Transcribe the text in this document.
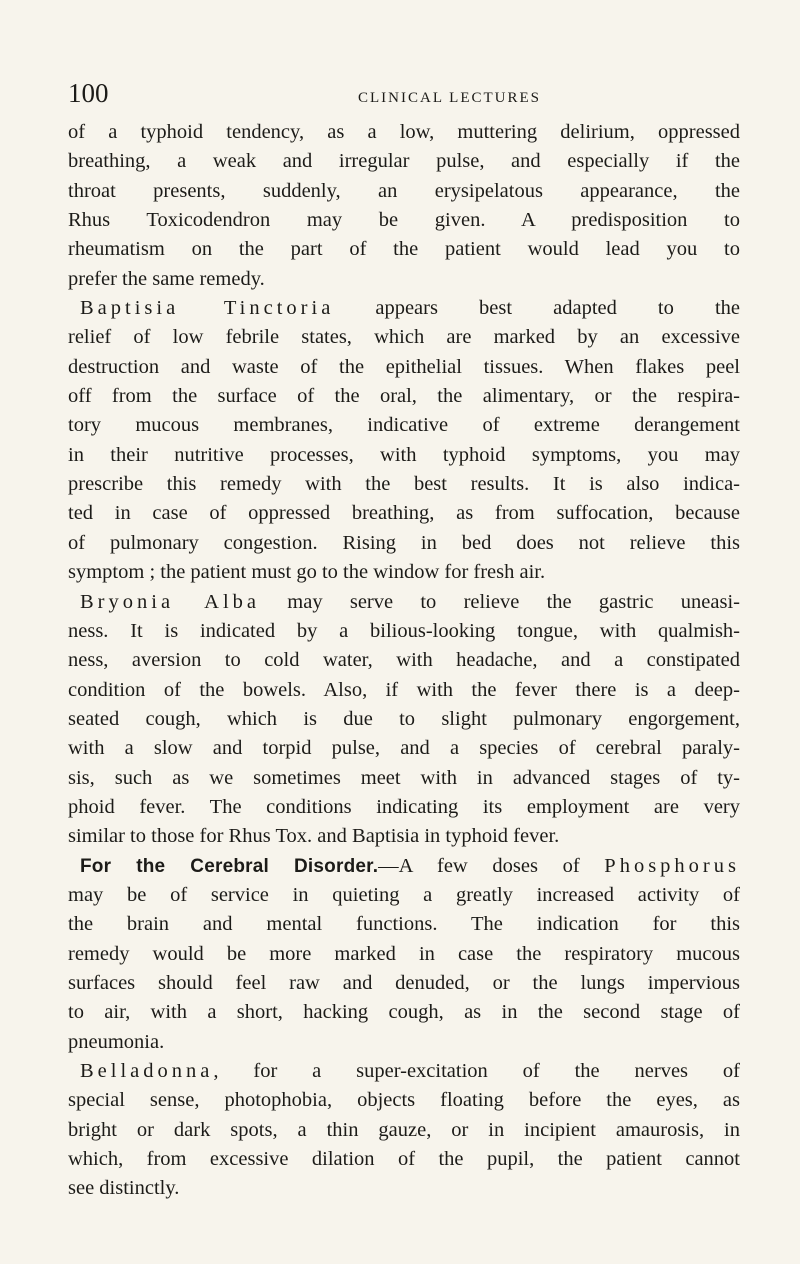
100	CLINICAL LECTURES
of a typhoid tendency, as a low, muttering delirium, oppressed
breathing, a weak and irregular pulse, and especially if the
throat presents, suddenly, an erysipelatous appearance, the
Rhus Toxicodendron may be given. A predisposition to
rheumatism on the part of the patient would lead you to
prefer the same remedy.
Baptisia Tinctoria appears best adapted to the
relief of low febrile states, which are marked by an excessive
destruction and waste of the epithelial tissues. When flakes peel
off from the surface of the oral, the alimentary, or the respira-
tory mucous membranes, indicative of extreme derangement
in their nutritive processes, with typhoid symptoms, you may
prescribe this remedy with the best results. It is also indica-
ted in case of oppressed breathing, as from suffocation, because
of pulmonary congestion. Rising in bed does not relieve this
symptom ; the patient must go to the window for fresh air.
Bryonia Alba may serve to relieve the gastric uneasi-
ness. It is indicated by a bilious-looking tongue, with qualmish-
ness, aversion to cold water, with headache, and a constipated
condition of the bowels. Also, if with the fever there is a deep-
seated cough, which is due to slight pulmonary engorgement,
with a slow and torpid pulse, and a species of cerebral paraly-
sis, such as we sometimes meet with in advanced stages of ty-
phoid fever. The conditions indicating its employment are very
similar to those for Rhus Tox. and Baptisia in typhoid fever.
For the Cerebral Disorder.—A few doses of Phosphorus
may be of service in quieting a greatly increased activity of
the brain and mental functions. The indication for this
remedy would be more marked in case the respiratory mucous
surfaces should feel raw and denuded, or the lungs impervious
to air, with a short, hacking cough, as in the second stage of
pneumonia.
Belladonna, for a super-excitation of the nerves of
special sense, photophobia, objects floating before the eyes, as
bright or dark spots, a thin gauze, or in incipient amaurosis, in
which, from excessive dilation of the pupil, the patient cannot
see distinctly.
